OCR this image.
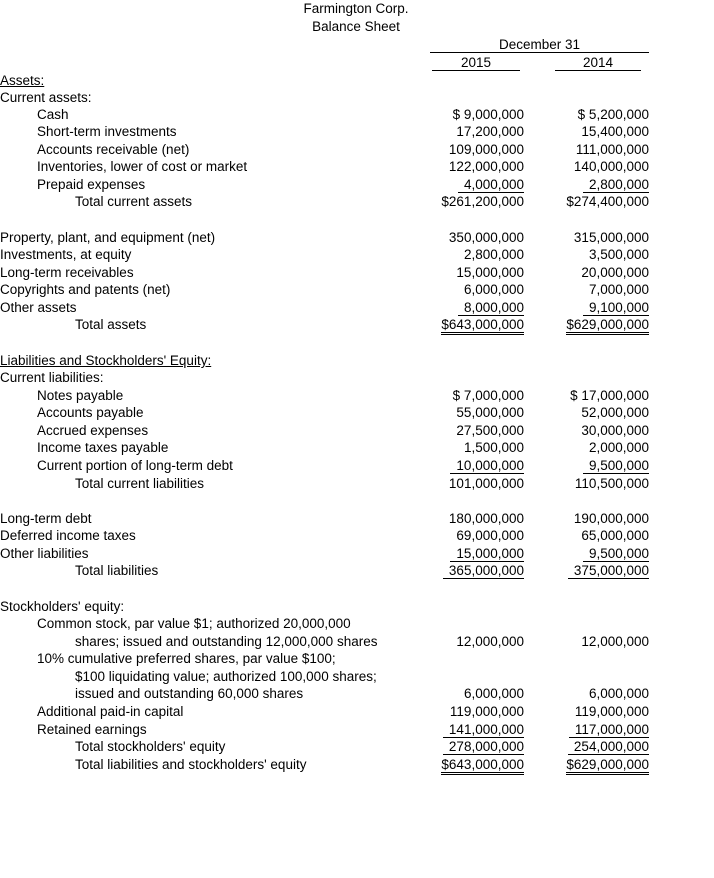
Farmington Corp.
Balance Sheet
December 31
2015	2014
Assets:
Current assets:
Cash	$ 9,000,000	$ 5,200,000
Short-term investments	17,200,000	15,400,000
Accounts receivable (net)	109,000,000	111,000,000
Inventories, lower of cost or market	122,000,000	140,000,000
Prepaid expenses	4,000,000	2,800,000
Total current assets	$261,200,000	$274,400,000
Property, plant, and equipment (net)	350,000,000	315,000,000
Investments, at equity	2,800,000	3,500,000
Long-term receivables	15,000,000	20,000,000
Copyrights and patents (net)	6,000,000	7,000,000
Other assets	8,000,000	9,100,000
Total assets	$643,000,000	$629,000,000
Liabilities and Stockholders' Equity:
Current liabilities:
Notes payable	$ 7,000,000	$ 17,000,000
Accounts payable	55,000,000	52,000,000
Accrued expenses	27,500,000	30,000,000
Income taxes payable	1,500,000	2,000,000
Current portion of long-term debt	10,000,000	9,500,000
Total current liabilities	101,000,000	110,500,000
Long-term debt	180,000,000	190,000,000
Deferred income taxes	69,000,000	65,000,000
Other liabilities	15,000,000	9,500,000
Total liabilities	365,000,000	375,000,000
Stockholders' equity:
Common stock, par value $1; authorized 20,000,000
shares; issued and outstanding 12,000,000 shares	12,000,000	12,000,000
10% cumulative preferred shares, par value $100;
$100 liquidating value; authorized 100,000 shares;
issued and outstanding 60,000 shares	6,000,000	6,000,000
Additional paid-in capital	119,000,000	119,000,000
Retained earnings	141,000,000	117,000,000
Total stockholders' equity	278,000,000	254,000,000
Total liabilities and stockholders' equity	$643,000,000	$629,000,000
